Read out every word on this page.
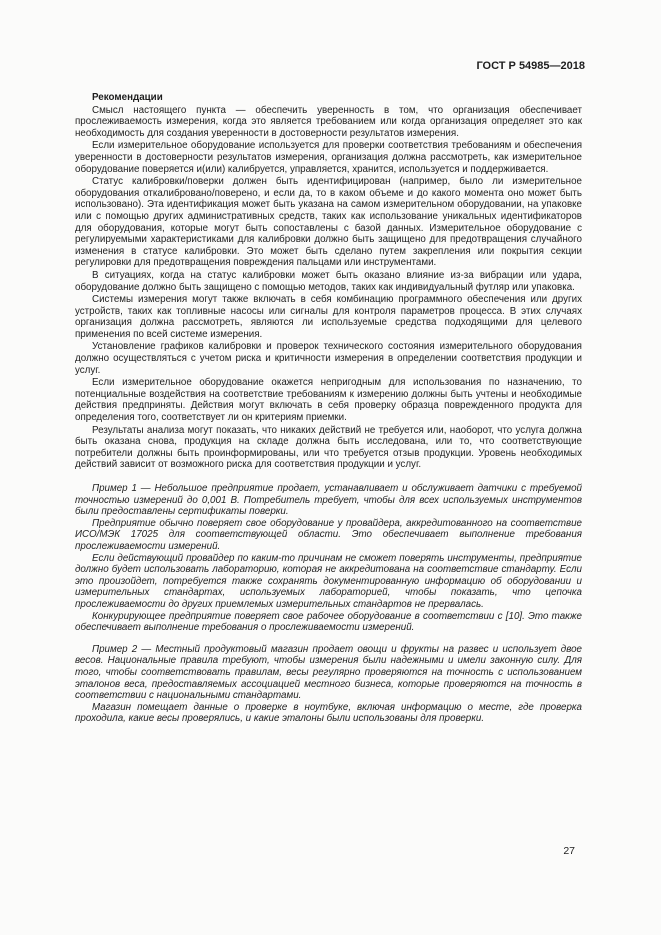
ГОСТ Р 54985—2018
Рекомендации

Смысл настоящего пункта — обеспечить уверенность в том, что организация обеспечивает прослеживаемость измерения, когда это является требованием или когда организация определяет это как необходимость для создания уверенности в достоверности результатов измерения.

Если измерительное оборудование используется для проверки соответствия требованиям и обеспечения уверенности в достоверности результатов измерения, организация должна рассмотреть, как измерительное оборудование поверяется и(или) калибруется, управляется, хранится, используется и поддерживается.

Статус калибровки/поверки должен быть идентифицирован (например, было ли измерительное оборудования откалибровано/поверено, и если да, то в каком объеме и до какого момента оно может быть использовано). Эта идентификация может быть указана на самом измерительном оборудовании, на упаковке или с помощью других административных средств, таких как использование уникальных идентификаторов для оборудования, которые могут быть сопоставлены с базой данных. Измерительное оборудование с регулируемыми характеристиками для калибровки должно быть защищено для предотвращения случайного изменения в статусе калибровки. Это может быть сделано путем закрепления или покрытия секции регулировки для предотвращения повреждения пальцами или инструментами.

В ситуациях, когда на статус калибровки может быть оказано влияние из-за вибрации или удара, оборудование должно быть защищено с помощью методов, таких как индивидуальный футляр или упаковка.

Системы измерения могут также включать в себя комбинацию программного обеспечения или других устройств, таких как топливные насосы или сигналы для контроля параметров процесса. В этих случаях организация должна рассмотреть, являются ли используемые средства подходящими для целевого применения по всей системе измерения.

Установление графиков калибровки и проверок технического состояния измерительного оборудования должно осуществляться с учетом риска и критичности измерения в определении соответствия продукции и услуг.

Если измерительное оборудование окажется непригодным для использования по назначению, то потенциальные воздействия на соответствие требованиям к измерению должны быть учтены и необходимые действия предприняты. Действия могут включать в себя проверку образца поврежденного продукта для определения того, соответствует ли он критериям приемки.

Результаты анализа могут показать, что никаких действий не требуется или, наоборот, что услуга должна быть оказана снова, продукция на складе должна быть исследована, или то, что соответствующие потребители должны быть проинформированы, или что требуется отзыв продукции. Уровень необходимых действий зависит от возможного риска для соответствия продукции и услуг.

Пример 1 — Небольшое предприятие продает, устанавливает и обслуживает датчики с требуемой точностью измерений до 0,001 В. Потребитель требует, чтобы для всех используемых инструментов были предоставлены сертификаты поверки.

Предприятие обычно поверяет свое оборудование у провайдера, аккредитованного на соответствие ИСО/МЭК 17025 для соответствующей области. Это обеспечивает выполнение требования прослеживаемости измерений.

Если действующий провайдер по каким-то причинам не сможет поверять инструменты, предприятие должно будет использовать лабораторию, которая не аккредитована на соответствие стандарту. Если это произойдет, потребуется также сохранять документированную информацию об оборудовании и измерительных стандартах, используемых лабораторией, чтобы показать, что цепочка прослеживаемости до других приемлемых измерительных стандартов не прервалась.

Конкурирующее предприятие поверяет свое рабочее оборудование в соответствии с [10]. Это также обеспечивает выполнение требования о прослеживаемости измерений.

Пример 2 — Местный продуктовый магазин продает овощи и фрукты на развес и использует двое весов. Национальные правила требуют, чтобы измерения были надежными и имели законную силу. Для того, чтобы соответствовать правилам, весы регулярно проверяются на точность с использованием эталонов веса, предоставляемых ассоциацией местного бизнеса, которые проверяются на точность в соответствии с национальными стандартами.

Магазин помещает данные о проверке в ноутбуке, включая информацию о месте, где проверка проходила, какие весы проверялись, и какие эталоны были использованы для проверки.

27
